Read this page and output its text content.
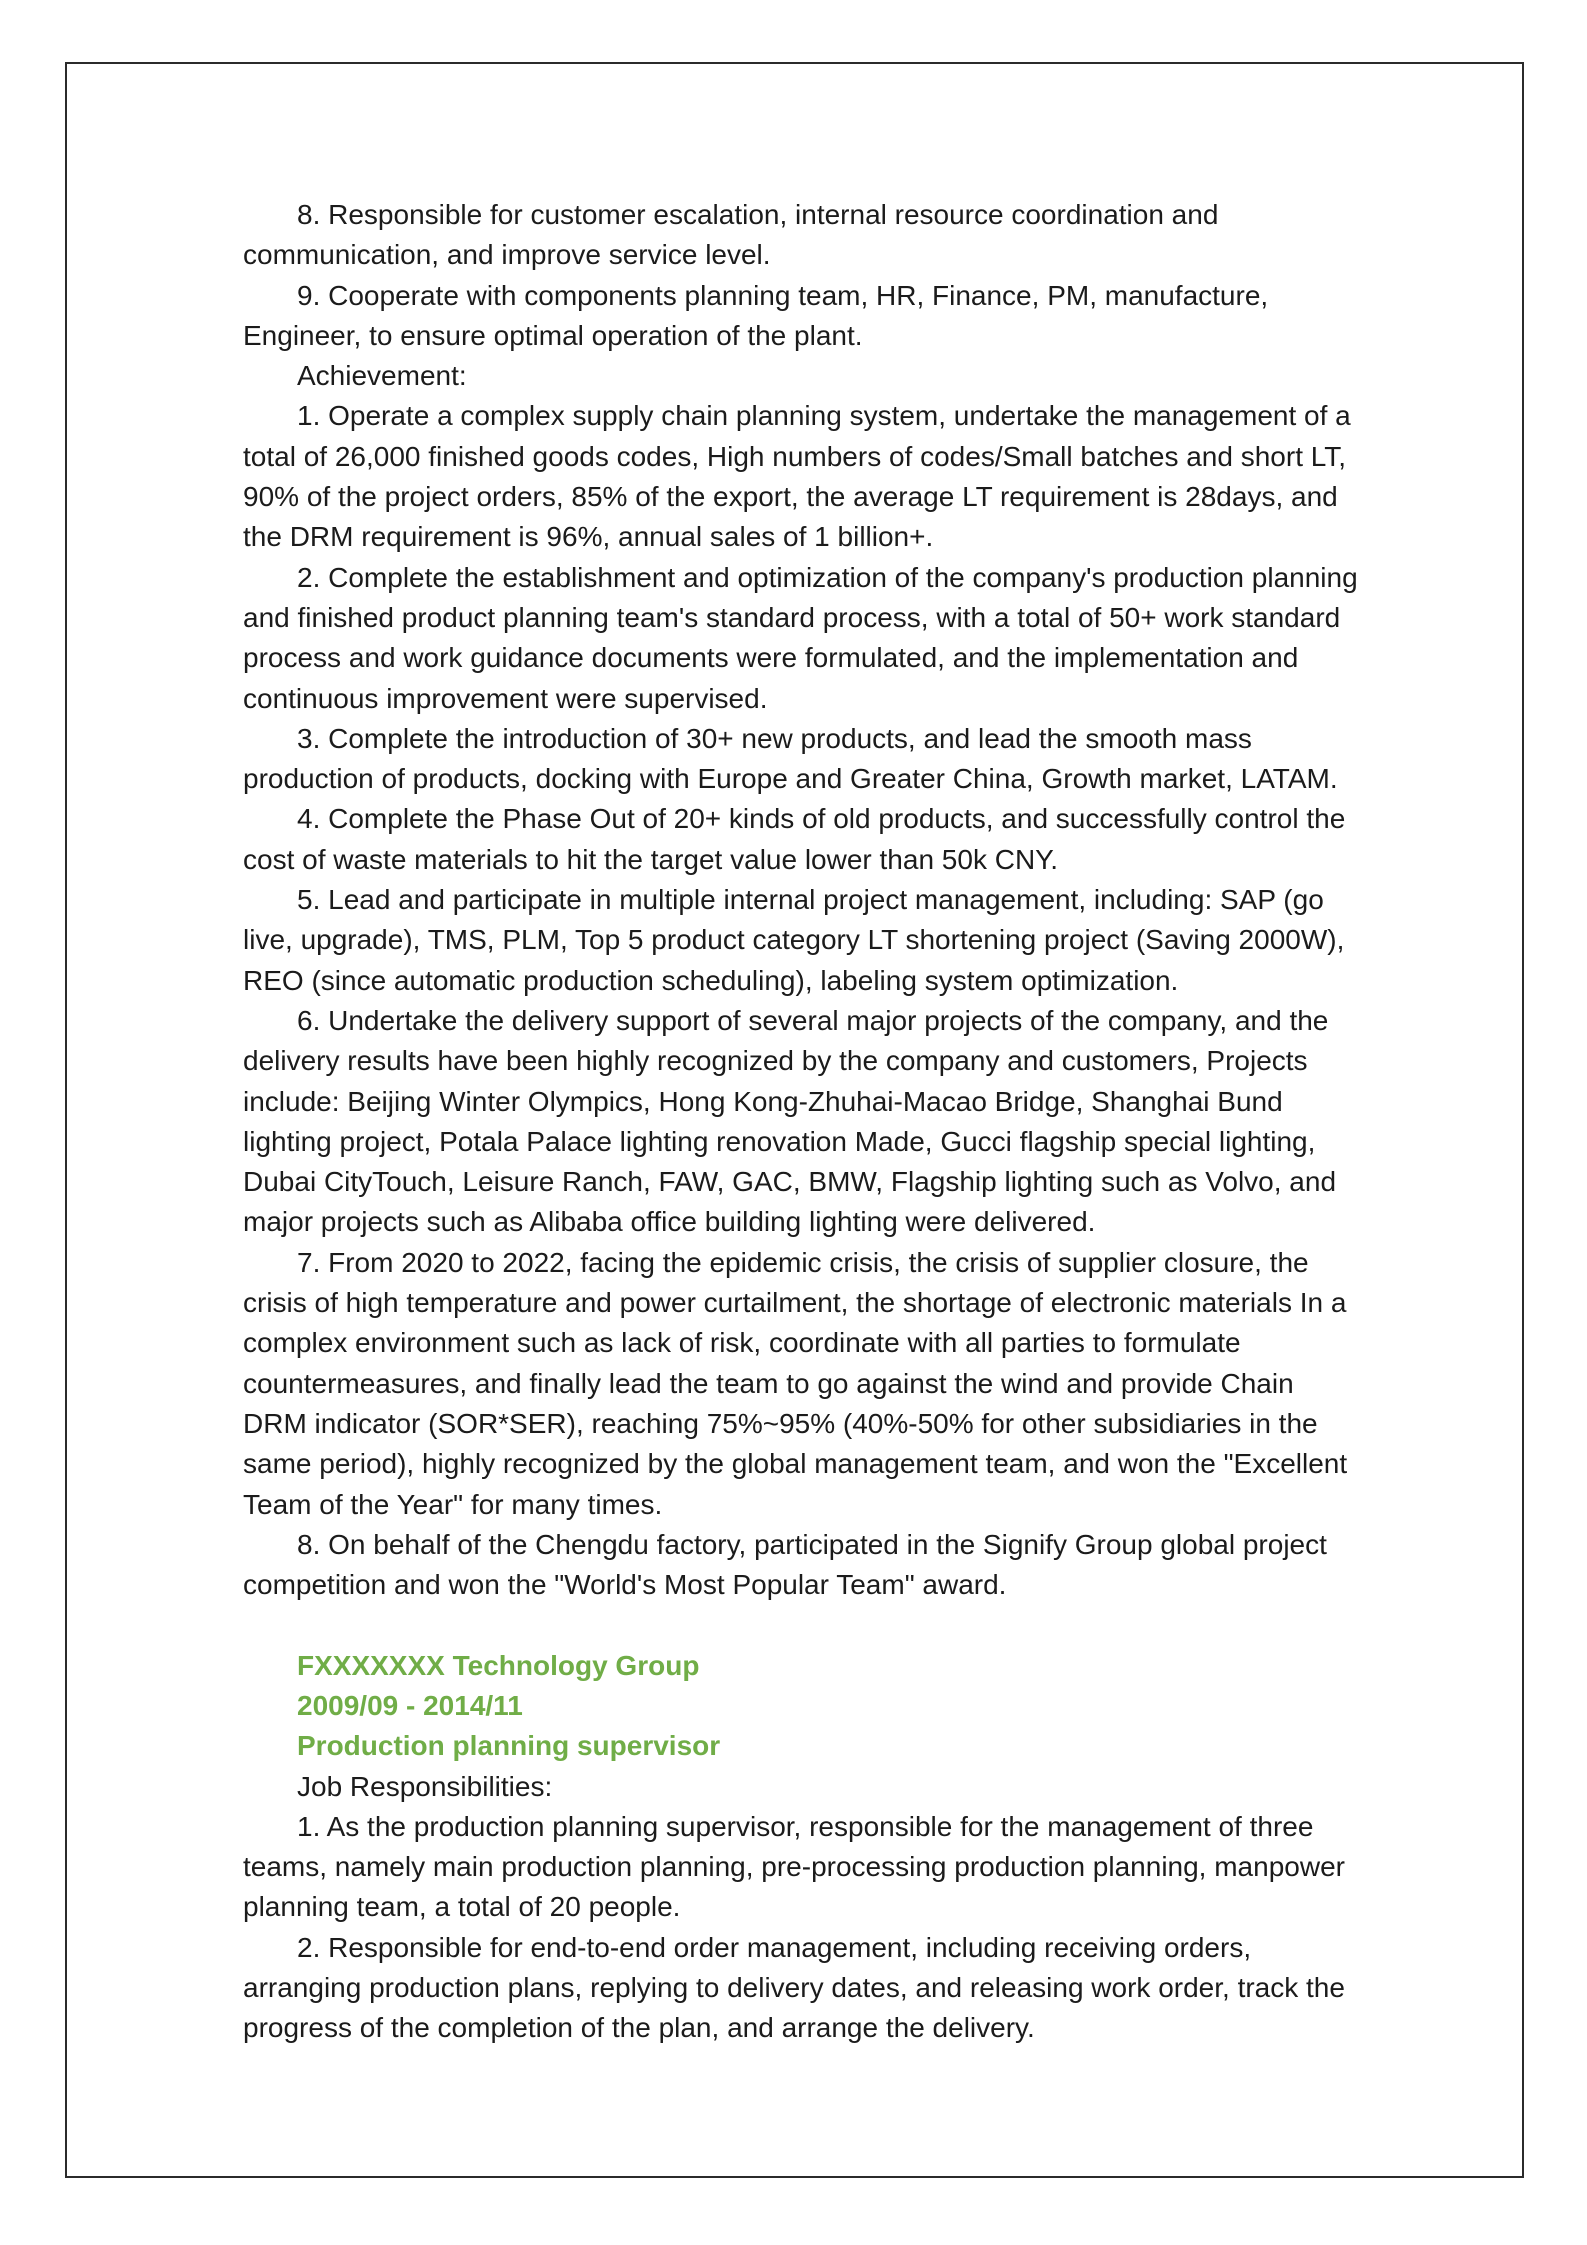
8. Responsible for customer escalation, internal resource coordination and communication, and improve service level.

9. Cooperate with components planning team, HR, Finance, PM, manufacture, Engineer, to ensure optimal operation of the plant.

Achievement:

1. Operate a complex supply chain planning system, undertake the management of a total of 26,000 finished goods codes, High numbers of codes/Small batches and short LT, 90% of the project orders, 85% of the export, the average LT requirement is 28days, and the DRM requirement is 96%, annual sales of 1 billion+.

2. Complete the establishment and optimization of the company's production planning and finished product planning team's standard process, with a total of 50+ work standard process and work guidance documents were formulated, and the implementation and continuous improvement were supervised.

3. Complete the introduction of 30+ new products, and lead the smooth mass production of products, docking with Europe and Greater China, Growth market, LATAM.

4. Complete the Phase Out of 20+ kinds of old products, and successfully control the cost of waste materials to hit the target value lower than 50k CNY.

5. Lead and participate in multiple internal project management, including: SAP (go live, upgrade), TMS, PLM, Top 5 product category LT shortening project (Saving 2000W), REO (since automatic production scheduling), labeling system optimization.

6. Undertake the delivery support of several major projects of the company, and the delivery results have been highly recognized by the company and customers, Projects include: Beijing Winter Olympics, Hong Kong-Zhuhai-Macao Bridge, Shanghai Bund lighting project, Potala Palace lighting renovation Made, Gucci flagship special lighting, Dubai CityTouch, Leisure Ranch, FAW, GAC, BMW, Flagship lighting such as Volvo, and major projects such as Alibaba office building lighting were delivered.

7. From 2020 to 2022, facing the epidemic crisis, the crisis of supplier closure, the crisis of high temperature and power curtailment, the shortage of electronic materials In a complex environment such as lack of risk, coordinate with all parties to formulate countermeasures, and finally lead the team to go against the wind and provide Chain DRM indicator (SOR*SER), reaching 75%~95% (40%-50% for other subsidiaries in the same period), highly recognized by the global management team, and won the "Excellent Team of the Year" for many times.

8. On behalf of the Chengdu factory, participated in the Signify Group global project competition and won the "World's Most Popular Team" award.

FXXXXXXX Technology Group

2009/09 - 2014/11

Production planning supervisor

Job Responsibilities:

1. As the production planning supervisor, responsible for the management of three teams, namely main production planning, pre-processing production planning, manpower planning team, a total of 20 people.

2. Responsible for end-to-end order management, including receiving orders, arranging production plans, replying to delivery dates, and releasing work order, track the progress of the completion of the plan, and arrange the delivery.
